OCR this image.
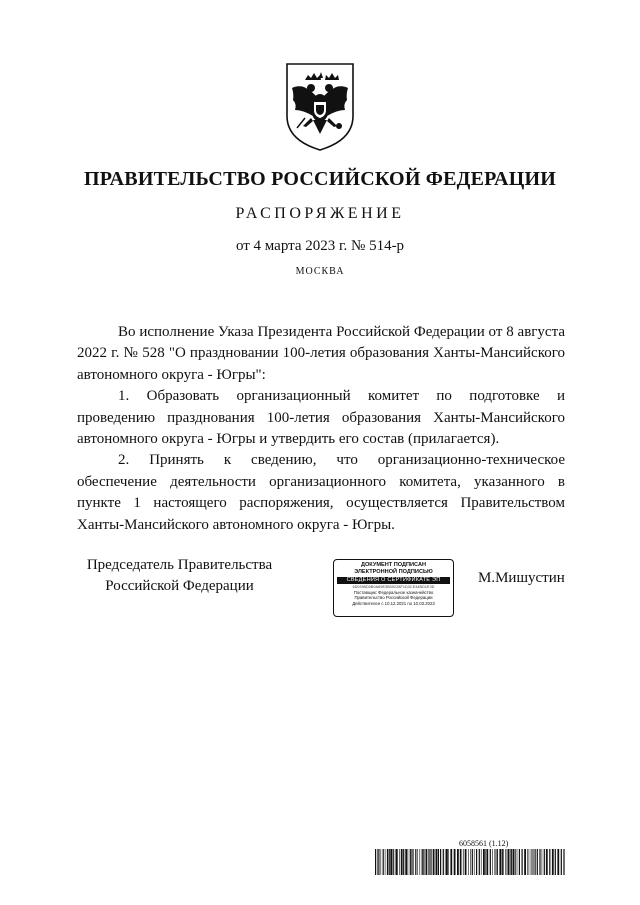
ПРАВИТЕЛЬСТВО РОССИЙСКОЙ ФЕДЕРАЦИИ
РАСПОРЯЖЕНИЕ
от 4 марта 2023 г. № 514-р
МОСКВА

Во исполнение Указа Президента Российской Федерации от 8 августа 2022 г. № 528 "О праздновании 100-летия образования Ханты-Мансийского автономного округа - Югры":

1. Образовать организационный комитет по подготовке и проведению празднования 100-летия образования Ханты-Мансийского автономного округа - Югры и утвердить его состав (прилагается).

2. Принять к сведению, что организационно-техническое обеспечение деятельности организационного комитета, указанного в пункте 1 настоящего распоряжения, осуществляется Правительством Ханты-Мансийского автономного округа - Югры.

Председатель Правительства
Российской Федерации
ДОКУМЕНТ ПОДПИСАН
ЭЛЕКТРОННОЙ ПОДПИСЬЮ
СВЕДЕНИЯ О СЕРТИФИКАТЕ ЭП
4D0395D0B0A69E3B09228F1D3CE44BD1E3D
Поставщик: Федеральное казначейство
Правительство Российской Федерации
Действителен с 10.12.2021 по 10.03.2023
М.Мишустин
6058561 (1.12)
